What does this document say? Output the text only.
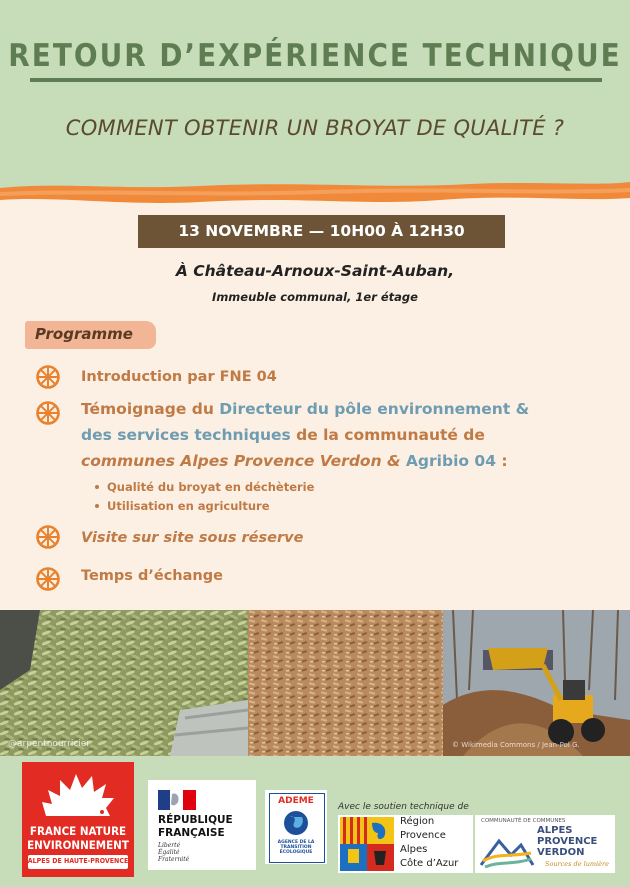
RETOUR D’EXPÉRIENCE TECHNIQUE
COMMENT OBTENIR UN BROYAT DE QUALITÉ ?
13 NOVEMBRE — 10H00 À 12H30
À Château-Arnoux-Saint-Auban,
Immeuble communal, 1er étage
Programme
Introduction par FNE 04
Témoignage du Directeur du pôle environnement &
des services techniques de la communauté de
communes Alpes Provence Verdon & Agribio 04 :
Qualité du broyat en déchèterie
Utilisation en agriculture
Visite sur site sous réserve
Temps d’échange
@arpentnourricier	© Wikimedia Commons / Jean-Pol G.
FRANCE NATURE
ENVIRONNEMENT
ALPES DE HAUTE-PROVENCE
RÉPUBLIQUE
FRANÇAISE
Liberté
Égalité
Fraternité
ADEME
AGENCE DE LA
TRANSITION
ÉCOLOGIQUE
Avec le soutien technique de
Région
Provence
Alpes
Côte d’Azur
COMMUNAUTÉ DE COMMUNES
ALPES
PROVENCE
VERDON
Sources de lumière
